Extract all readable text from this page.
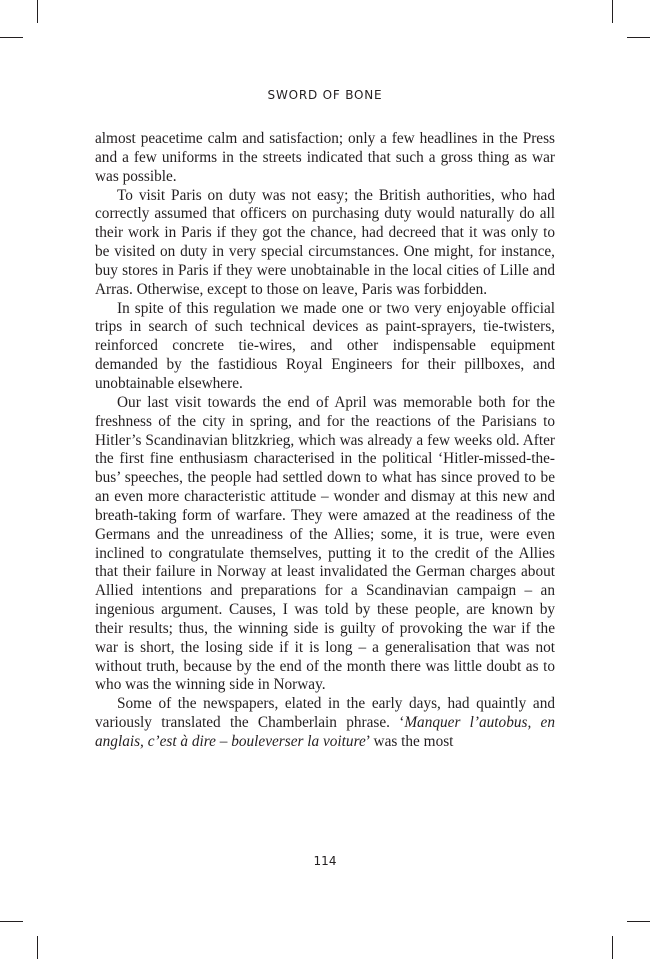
SWORD OF BONE

almost peacetime calm and satisfaction; only a few headlines in the Press and a few uniforms in the streets indicated that such a gross thing as war was possible.

To visit Paris on duty was not easy; the British authorities, who had correctly assumed that officers on purchasing duty would naturally do all their work in Paris if they got the chance, had decreed that it was only to be visited on duty in very special circumstances. One might, for instance, buy stores in Paris if they were unobtainable in the local cities of Lille and Arras. Otherwise, except to those on leave, Paris was forbidden.

In spite of this regulation we made one or two very enjoyable official trips in search of such technical devices as paint-sprayers, tie-twisters, reinforced concrete tie-wires, and other indispensable equipment demanded by the fastidious Royal Engineers for their pillboxes, and unobtainable elsewhere.

Our last visit towards the end of April was memorable both for the freshness of the city in spring, and for the reactions of the Parisians to Hitler’s Scandinavian blitzkrieg, which was already a few weeks old. After the first fine enthusiasm characterised in the political ‘Hitler-missed-the-bus’ speeches, the people had settled down to what has since proved to be an even more characteristic attitude – wonder and dismay at this new and breath-taking form of warfare. They were amazed at the readiness of the Germans and the unreadiness of the Allies; some, it is true, were even inclined to congratulate themselves, putting it to the credit of the Allies that their failure in Norway at least invalidated the German charges about Allied intentions and preparations for a Scandinavian campaign – an ingenious argument. Causes, I was told by these people, are known by their results; thus, the winning side is guilty of provoking the war if the war is short, the losing side if it is long – a generalisation that was not without truth, because by the end of the month there was little doubt as to who was the winning side in Norway.

Some of the newspapers, elated in the early days, had quaintly and variously translated the Chamberlain phrase. ‘Manquer l’autobus, en anglais, c’est à dire – bouleverser la voiture’ was the most

114
